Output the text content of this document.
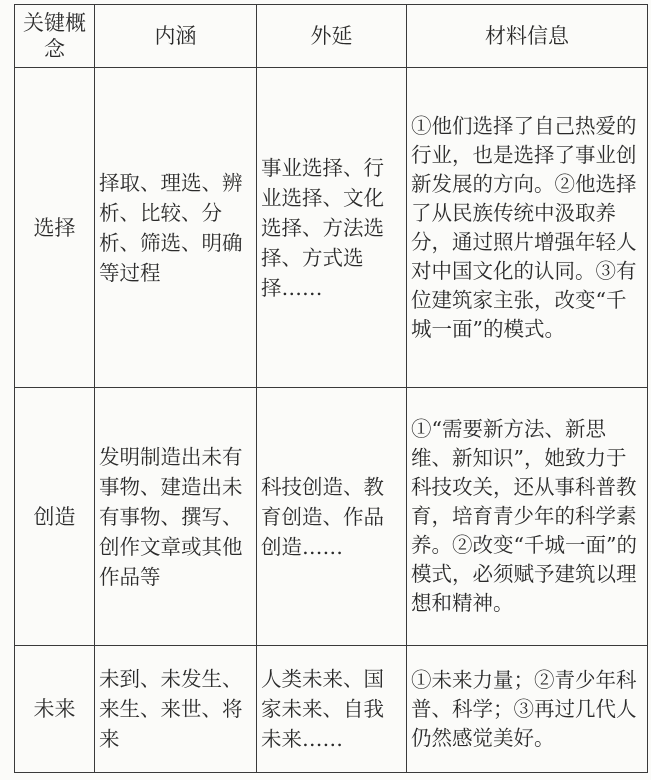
关键概念	内涵	外延	材料信息
选择	择取、理选、辨析、比较、分析、筛选、明确等过程	事业选择、行业选择、文化选择、方法选择、方式选择……	①他们选择了自己热爱的行业，也是选择了事业创新发展的方向。②他选择了从民族传统中汲取养分，通过照片增强年轻人对中国文化的认同。③有位建筑家主张，改变“千城一面”的模式。
创造	发明制造出未有事物、建造出未有事物、撰写、创作文章或其他作品等	科技创造、教育创造、作品创造……	①“需要新方法、新思维、新知识”，她致力于科技攻关，还从事科普教育，培育青少年的科学素养。②改变“千城一面”的模式，必须赋予建筑以理想和精神。
未来	未到、未发生、来生、来世、将来	人类未来、国家未来、自我未来……	①未来力量；②青少年科普、科学；③再过几代人仍然感觉美好。
